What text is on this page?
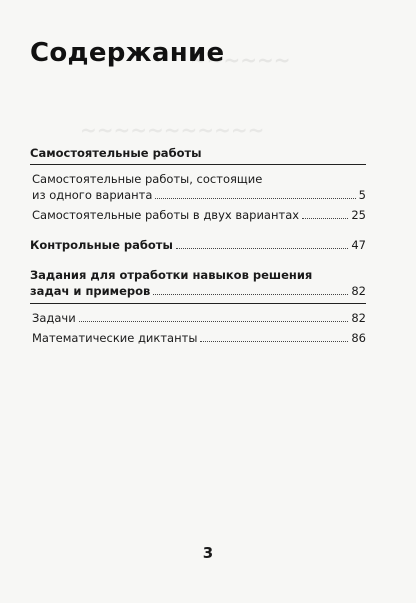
~~~~~~
~~~~~~~~~~~
Содержание
Самостоятельные работы
Самостоятельные работы, состоящие
из одного варианта	5
Самостоятельные работы в двух вариантах	25
Контрольные работы	47
Задания для отработки навыков решения
задач и примеров	82
Задачи	82
Математические диктанты	86
3
